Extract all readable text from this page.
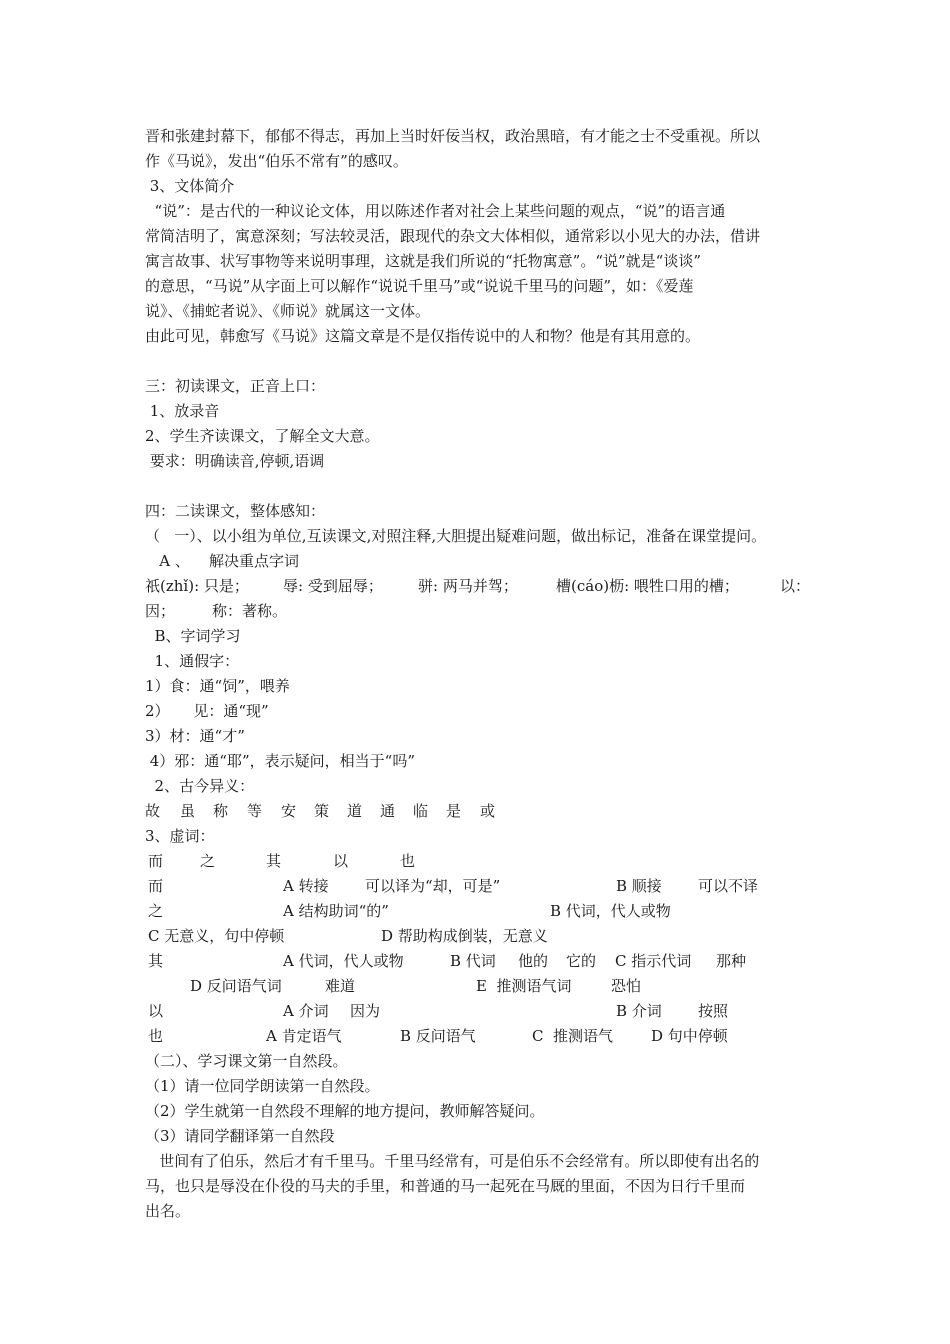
晋和张建封幕下，郁郁不得志，再加上当时奸佞当权，政治黑暗，有才能之士不受重视。所以
作《马说》，发出“伯乐不常有”的感叹。
3、文体简介
“说”：是古代的一种议论文体，用以陈述作者对社会上某些问题的观点，“说”的语言通
常简洁明了，寓意深刻；写法较灵活，跟现代的杂文大体相似，通常彩以小见大的办法，借讲
寓言故事、状写事物等来说明事理，这就是我们所说的“托物寓意”。“说”就是“谈谈”
的意思，“马说”从字面上可以解作“说说千里马”或“说说千里马的问题”，如：《爱莲
说》、《捕蛇者说》、《师说》就属这一文体。
由此可见，韩愈写《马说》这篇文章是不是仅指传说中的人和物？他是有其用意的。
三：初读课文，正音上口：
1、放录音
2、学生齐读课文，了解全文大意。
要求：明确读音,停顿,语调
四：二读课文，整体感知：
（   一）、以小组为单位,互读课文,对照注释,大胆提出疑难问题，做出标记，准备在课堂提问。
A 、    解决重点字词
祇(zhǐ): 只是； 辱: 受到屈辱； 骈: 两马并驾；	槽(cáo)枥: 喂牲口用的槽；	以：
因； 称：著称。
B、字词学习
1、通假字：
1）食：通“饲”，喂养
2）     见：通“现”
3）材：通“才”
4）邪：通“耶”，表示疑问，相当于“吗”
2、古今异义：
故 虽 称 等 安 策 道 通 临 是 或
3、虚词：
而 之	其	以	也
而	A 转接 可以译为“却，可是”	B 顺接 可以不译
之	A 结构助词“的”	B 代词，代人或物
C 无意义，句中停顿	D 帮助构成倒装，无意义
其	A 代词，代人或物	B 代词 他的 它的 C 指示代词 那种
D 反问语气词	难道	E  推测语气词	恐怕
以	A 介词 因为	B 介词 按照
也	A 肯定语气	B 反问语气	C  推测语气	D 句中停顿
（二）、学习课文第一自然段。
（1）请一位同学朗读第一自然段。
（2）学生就第一自然段不理解的地方提问，教师解答疑问。
（3）请同学翻译第一自然段
世间有了伯乐，然后才有千里马。千里马经常有，可是伯乐不会经常有。所以即使有出名的
马，也只是辱没在仆役的马夫的手里，和普通的马一起死在马厩的里面，不因为日行千里而
出名。
